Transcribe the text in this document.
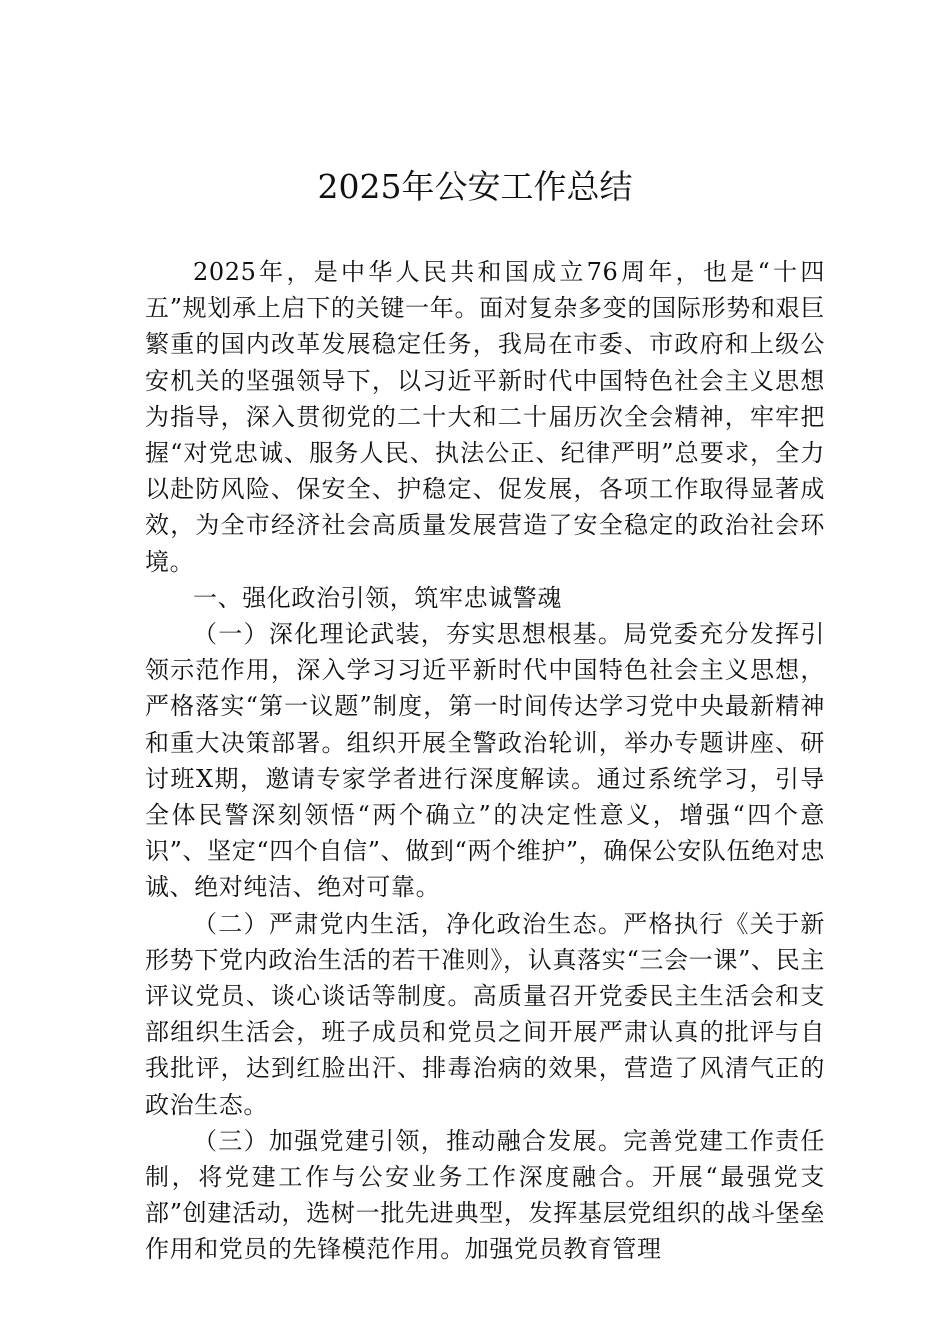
2025年公安工作总结

2025年，是中华人民共和国成立76周年，也是“十四五”规划承上启下的关键一年。面对复杂多变的国际形势和艰巨繁重的国内改革发展稳定任务，我局在市委、市政府和上级公安机关的坚强领导下，以习近平新时代中国特色社会主义思想为指导，深入贯彻党的二十大和二十届历次全会精神，牢牢把握“对党忠诚、服务人民、执法公正、纪律严明”总要求，全力以赴防风险、保安全、护稳定、促发展，各项工作取得显著成效，为全市经济社会高质量发展营造了安全稳定的政治社会环境。

一、强化政治引领，筑牢忠诚警魂

（一）深化理论武装，夯实思想根基。局党委充分发挥引领示范作用，深入学习习近平新时代中国特色社会主义思想，严格落实“第一议题”制度，第一时间传达学习党中央最新精神和重大决策部署。组织开展全警政治轮训，举办专题讲座、研讨班X期，邀请专家学者进行深度解读。通过系统学习，引导全体民警深刻领悟“两个确立”的决定性意义，增强“四个意识”、坚定“四个自信”、做到“两个维护”，确保公安队伍绝对忠诚、绝对纯洁、绝对可靠。

（二）严肃党内生活，净化政治生态。严格执行《关于新形势下党内政治生活的若干准则》，认真落实“三会一课”、民主评议党员、谈心谈话等制度。高质量召开党委民主生活会和支部组织生活会，班子成员和党员之间开展严肃认真的批评与自我批评，达到红脸出汗、排毒治病的效果，营造了风清气正的政治生态。

（三）加强党建引领，推动融合发展。完善党建工作责任制，将党建工作与公安业务工作深度融合。开展“最强党支部”创建活动，选树一批先进典型，发挥基层党组织的战斗堡垒作用和党员的先锋模范作用。加强党员教育管理
